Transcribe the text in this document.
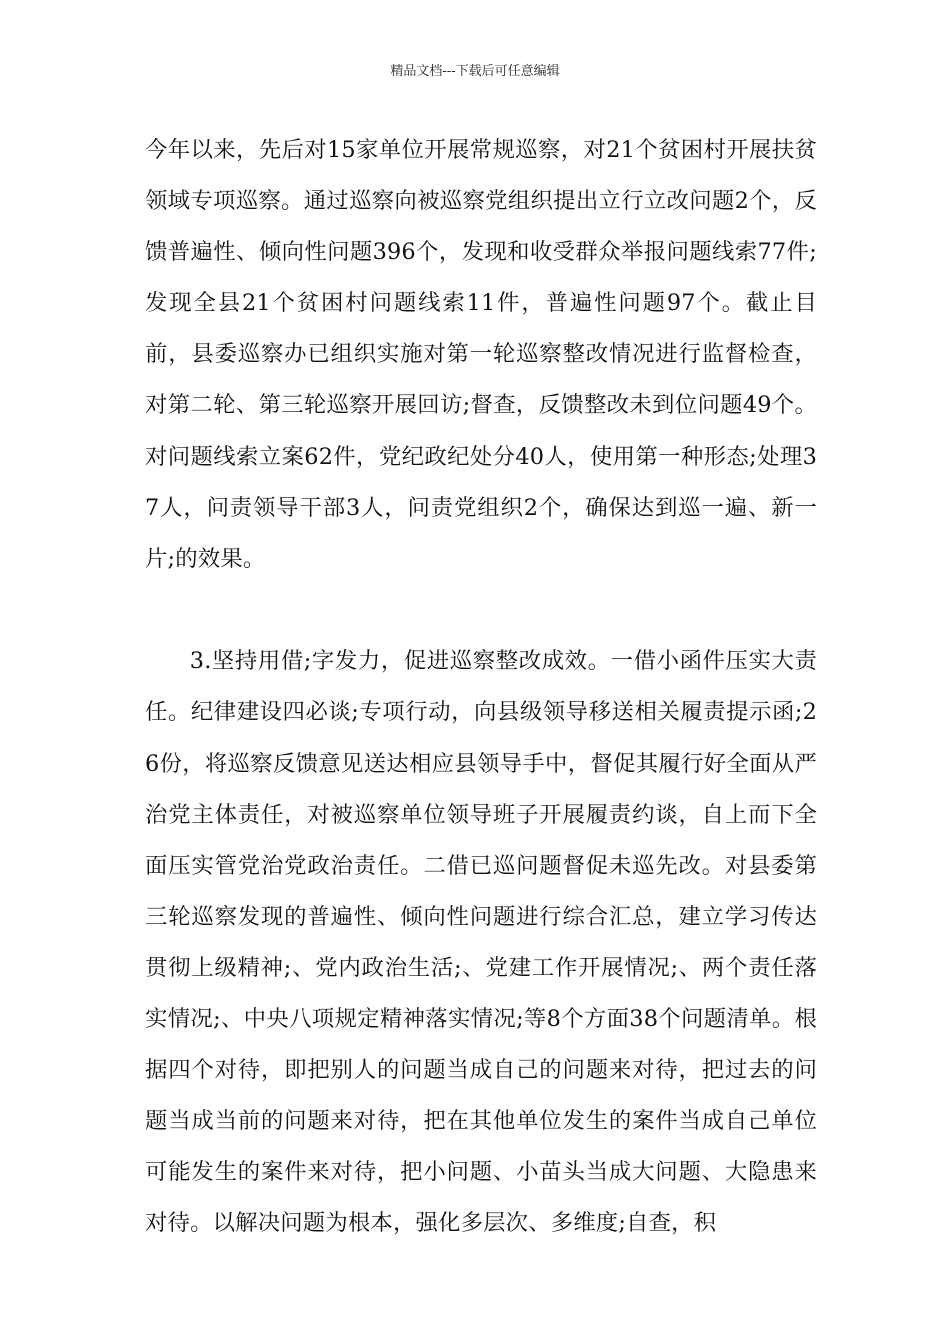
精品文档---下载后可任意编辑

今年以来，先后对15家单位开展常规巡察，对21个贫困村开展扶贫领域专项巡察。通过巡察向被巡察党组织提出立行立改问题2个，反馈普遍性、倾向性问题396个，发现和收受群众举报问题线索77件;发现全县21个贫困村问题线索11件，普遍性问题97个。截止目前，县委巡察办已组织实施对第一轮巡察整改情况进行监督检查，对第二轮、第三轮巡察开展回访;督查，反馈整改未到位问题49个。对问题线索立案62件，党纪政纪处分40人，使用第一种形态;处理37人，问责领导干部3人，问责党组织2个，确保达到巡一遍、新一片;的效果。

3.坚持用借;字发力，促进巡察整改成效。一借小函件压实大责任。纪律建设四必谈;专项行动，向县级领导移送相关履责提示函;26份，将巡察反馈意见送达相应县领导手中，督促其履行好全面从严治党主体责任，对被巡察单位领导班子开展履责约谈，自上而下全面压实管党治党政治责任。二借已巡问题督促未巡先改。对县委第三轮巡察发现的普遍性、倾向性问题进行综合汇总，建立学习传达贯彻上级精神;、党内政治生活;、党建工作开展情况;、两个责任落实情况;、中央八项规定精神落实情况;等8个方面38个问题清单。根据四个对待，即把别人的问题当成自己的问题来对待，把过去的问题当成当前的问题来对待，把在其他单位发生的案件当成自己单位可能发生的案件来对待，把小问题、小苗头当成大问题、大隐患来对待。以解决问题为根本，强化多层次、多维度;自查，积
